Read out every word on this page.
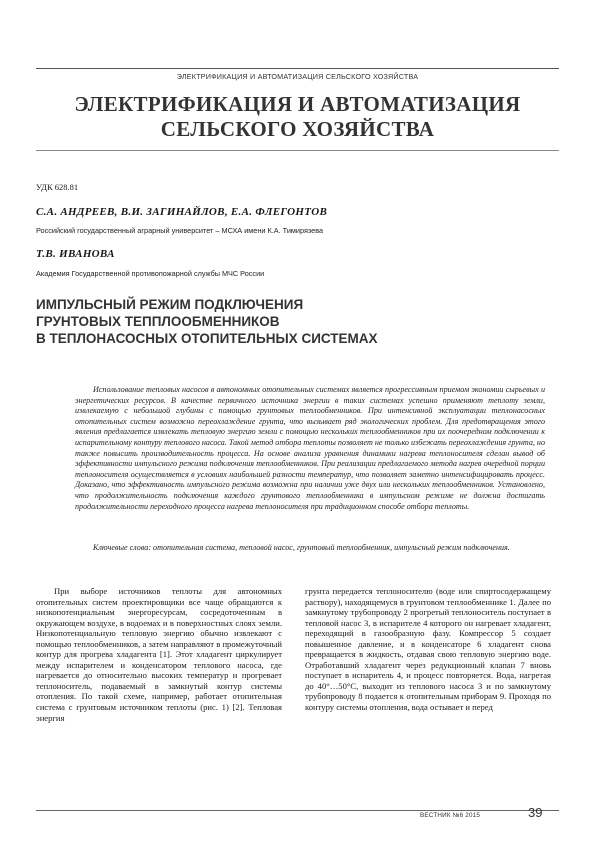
ЭЛЕКТРИФИКАЦИЯ И АВТОМАТИЗАЦИЯ СЕЛЬСКОГО ХОЗЯЙСТВА
ЭЛЕКТРИФИКАЦИЯ И АВТОМАТИЗАЦИЯ
СЕЛЬСКОГО ХОЗЯЙСТВА
УДК 628.81
С.А. АНДРЕЕВ, В.И. ЗАГИНАЙЛОВ, Е.А. ФЛЕГОНТОВ
Российский государственный аграрный университет – МСХА имени К.А. Тимирязева
Т.В. ИВАНОВА
Академия Государственной противопожарной службы МЧС России
ИМПУЛЬСНЫЙ РЕЖИМ ПОДКЛЮЧЕНИЯ
ГРУНТОВЫХ ТЕППЛООБМЕННИКОВ
В ТЕПЛОНАСОСНЫХ ОТОПИТЕЛЬНЫХ СИСТЕМАХ

Использование тепловых насосов в автономных отопительных системах является прогрессивным приемом экономии сырьевых и энергетических ресурсов. В качестве первичного источника энергии в таких системах успешно применяют теплоту земли, извлекаемую с небольшой глубины с помощью грунтовых теплообменников. При интенсивной эксплуатации теплонасосных отопительных систем возможно переохлаждение грунта, что вызывает ряд экологических проблем. Для предотвращения этого явления предлагается извлекать тепловую энергию земли с помощью нескольких теплообменников при их поочередном подключении к испарительному контуру теплового насоса. Такой метод отбора теплоты позволяет не только избежать переохлаждения грунта, но также повысить производительность процесса. На основе анализа уравнения динамики нагрева теплоносителя сделан вывод об эффективности импульсного режима подключения теплообменников. При реализации предлагаемого метода нагрев очередной порции теплоносителя осуществляется в условиях наибольшей разности температур, что позволяет заметно интенсифицировать процесс. Доказано, что эффективность импульсного режима возможна при наличии уже двух или нескольких теплообменников. Установлено, что продолжительность подключения каждого грунтового теплообменника в импульсном режиме не должна достигать продолжительности переходного процесса нагрева теплоносителя при традиционном способе отбора теплоты.

Ключевые слова: отопительная система, тепловой насос, грунтовый теплообменник, импульсный режим подключения.

При выборе источников теплоты для автономных отопительных систем проектировщики все чаще обращаются к низкопотенциальным энергоресурсам, сосредоточенным в окружающем воздухе, в водоемах и в поверхностных слоях земли. Низкопотенциальную тепловую энергию обычно извлекают с помощью теплообменников, а затем направляют в промежуточный контур для прогрева хладагента [1]. Этот хладагент циркулирует между испарителем и конденсатором теплового насоса, где нагревается до относительно высоких температур и прогревает теплоноситель, подаваемый в замкнутый контур системы отопления. По такой схеме, например, работает отопительная система с грунтовым источником теплоты (рис. 1) [2]. Тепловая энергия

грунта передается теплоносителю (воде или спиртосодержащему раствору), находящемуся в грунтовом теплообменнике 1. Далее по замкнутому трубопроводу 2 прогретый теплоноситель поступает в тепловой насос 3, в испарителе 4 которого он нагревает хладагент, переходящий в газообразную фазу. Компрессор 5 создает повышенное давление, и в конденсаторе 6 хладагент снова превращается в жидкость, отдавая свою тепловую энергию воде. Отработавший хладагент через редукционный клапан 7 вновь поступает в испаритель 4, и процесс повторяется. Вода, нагретая до 40°…50°C, выходит из теплового насоса 3 и по замкнутому трубопроводу 8 подается к отопительным приборам 9. Проходя по контуру системы отопления, вода остывает и перед

ВЕСТНИК №6 2015	39
